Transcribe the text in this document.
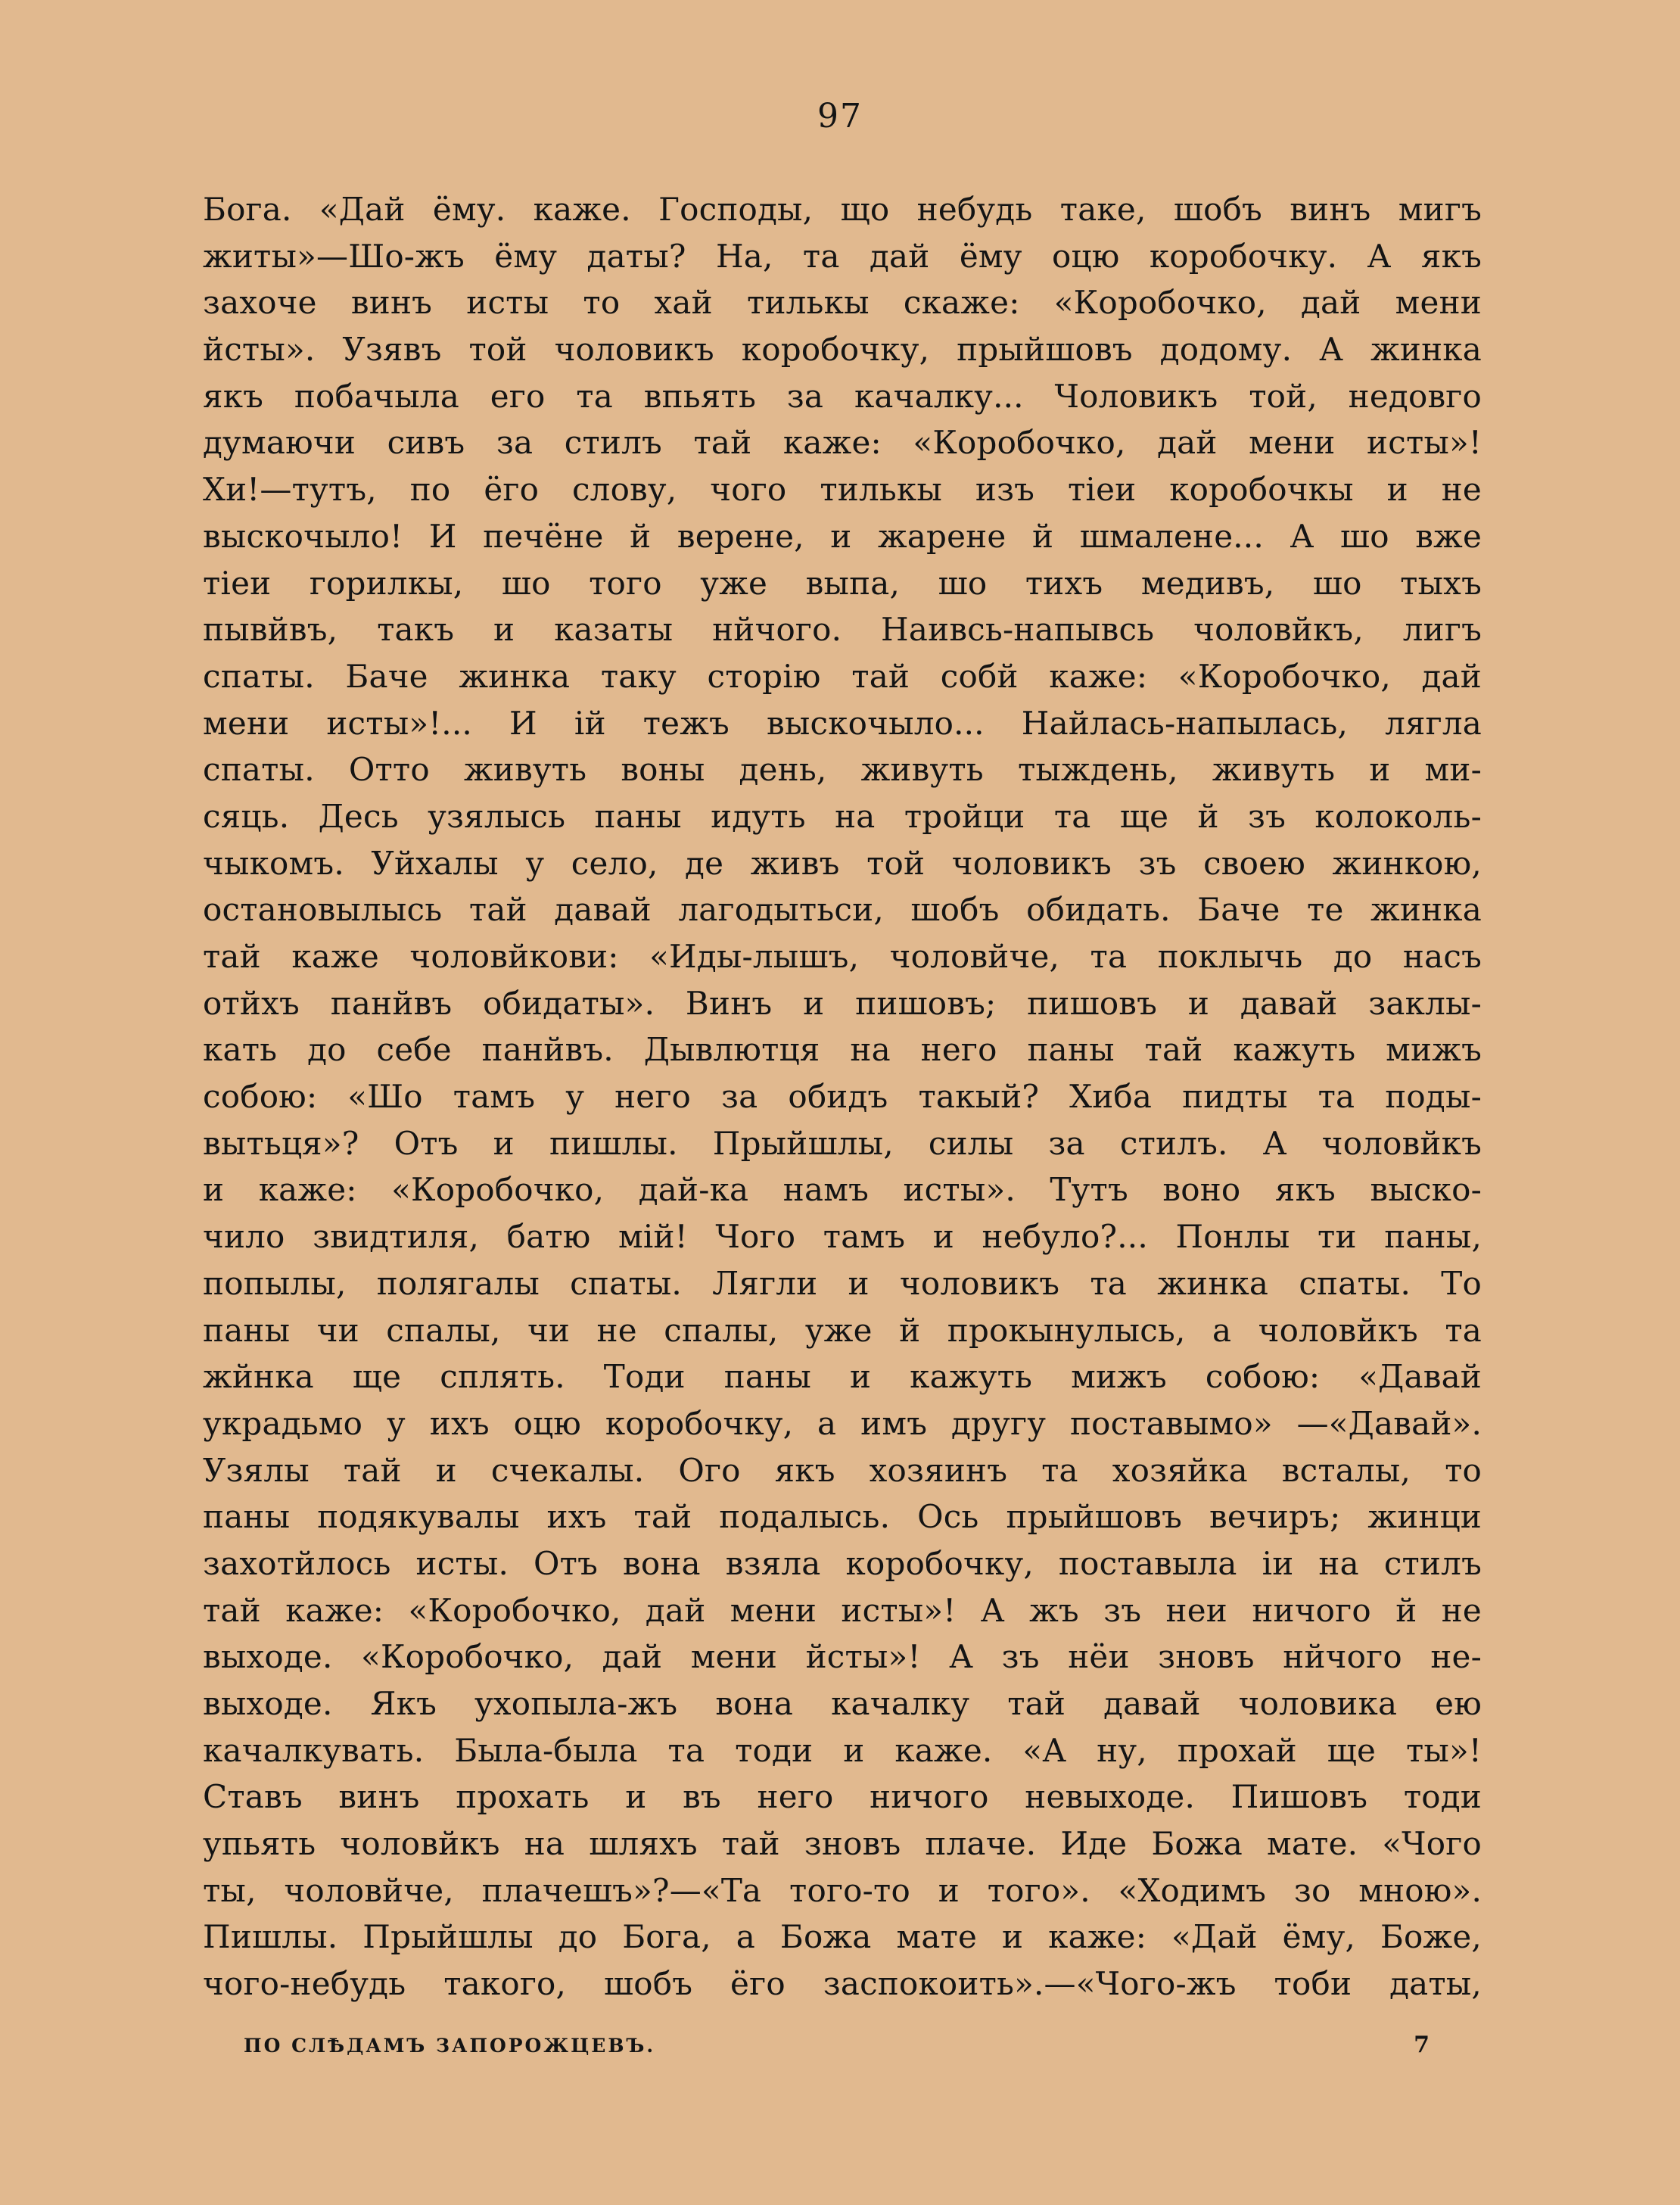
97
Бога. «Дай ёму. каже. Господы, що небудь таке, шобъ винъ мигъ
житы»—Шо-жъ ёму даты? На, та дай ёму оцю коробочку. А якъ
захоче винъ исты то хай тилькы скаже: «Коробочко, дай мени
йсты». Узявъ той чоловикъ коробочку, прыйшовъ додому. А жинка
якъ побачыла его та впьять за качалку... Чоловикъ той, недовго
думаючи сивъ за стилъ тай каже: «Коробочко, дай мени исты»!
Хи!—тутъ, по ёго слову, чого тилькы изъ тіеи коробочкы и не
выскочыло! И печёне й верене, и жарене й шмалене... А шо вже
тіеи горилкы, шо того уже выпа, шо тихъ медивъ, шо тыхъ
пывйвъ, такъ и казаты нйчого. Наивсь-напывсь чоловйкъ, лигъ
спаты. Баче жинка таку сторію тай собй каже: «Коробочко, дай
мени исты»!... И ій тежъ выскочыло... Найлась-напылась, лягла
спаты. Отто живуть воны день, живуть тыждень, живуть и ми-
сяць. Десь узялысь паны идуть на тройци та ще й зъ колоколь-
чыкомъ. Уйхалы у село, де живъ той чоловикъ зъ своею жинкою,
остановылысь тай давай лагодытьси, шобъ обидать. Баче те жинка
тай каже чоловйкови: «Иды-лышъ, чоловйче, та поклычь до насъ
отйхъ панйвъ обидаты». Винъ и пишовъ; пишовъ и давай заклы-
кать до себе панйвъ. Дывлютця на него паны тай кажуть мижъ
собою: «Шо тамъ у него за обидъ такый? Хиба пидты та поды-
вытьця»? Отъ и пишлы. Прыйшлы, силы за стилъ. А чоловйкъ
и каже: «Коробочко, дай-ка намъ исты». Тутъ воно якъ выско-
чило звидтиля, батю мій! Чого тамъ и небуло?... Понлы ти паны,
попылы, полягалы спаты. Лягли и чоловикъ та жинка спаты. То
паны чи спалы, чи не спалы, уже й прокынулысь, а чоловйкъ та
жйнка ще сплять. Тоди паны и кажуть мижъ собою: «Давай
украдьмо у ихъ оцю коробочку, а имъ другу поставымо» —«Давай».
Узялы тай и счекалы. Ого якъ хозяинъ та хозяйка всталы, то
паны подякувалы ихъ тай подалысь. Ось прыйшовъ вечиръ; жинци
захотйлось исты. Отъ вона взяла коробочку, поставыла іи на стилъ
тай каже: «Коробочко, дай мени исты»! А жъ зъ неи ничого й не
выходе. «Коробочко, дай мени йсты»! А зъ нёи зновъ нйчого не-
выходе. Якъ ухопыла-жъ вона качалку тай давай чоловика ею
качалкувать. Была-была та тоди и каже. «А ну, прохай ще ты»!
Ставъ винъ прохать и въ него ничого невыходе. Пишовъ тоди
упьять чоловйкъ на шляхъ тай зновъ плаче. Иде Божа мате. «Чого
ты, чоловйче, плачешъ»?—«Та того-то и того». «Ходимъ зо мною».
Пишлы. Прыйшлы до Бога, а Божа мате и каже: «Дай ёму, Боже,
чого-небудь такого, шобъ ёго заспокоить».—«Чого-жъ тоби даты,
ПО СЛѢДАМЪ ЗАПОРОЖЦЕВЪ.	7
